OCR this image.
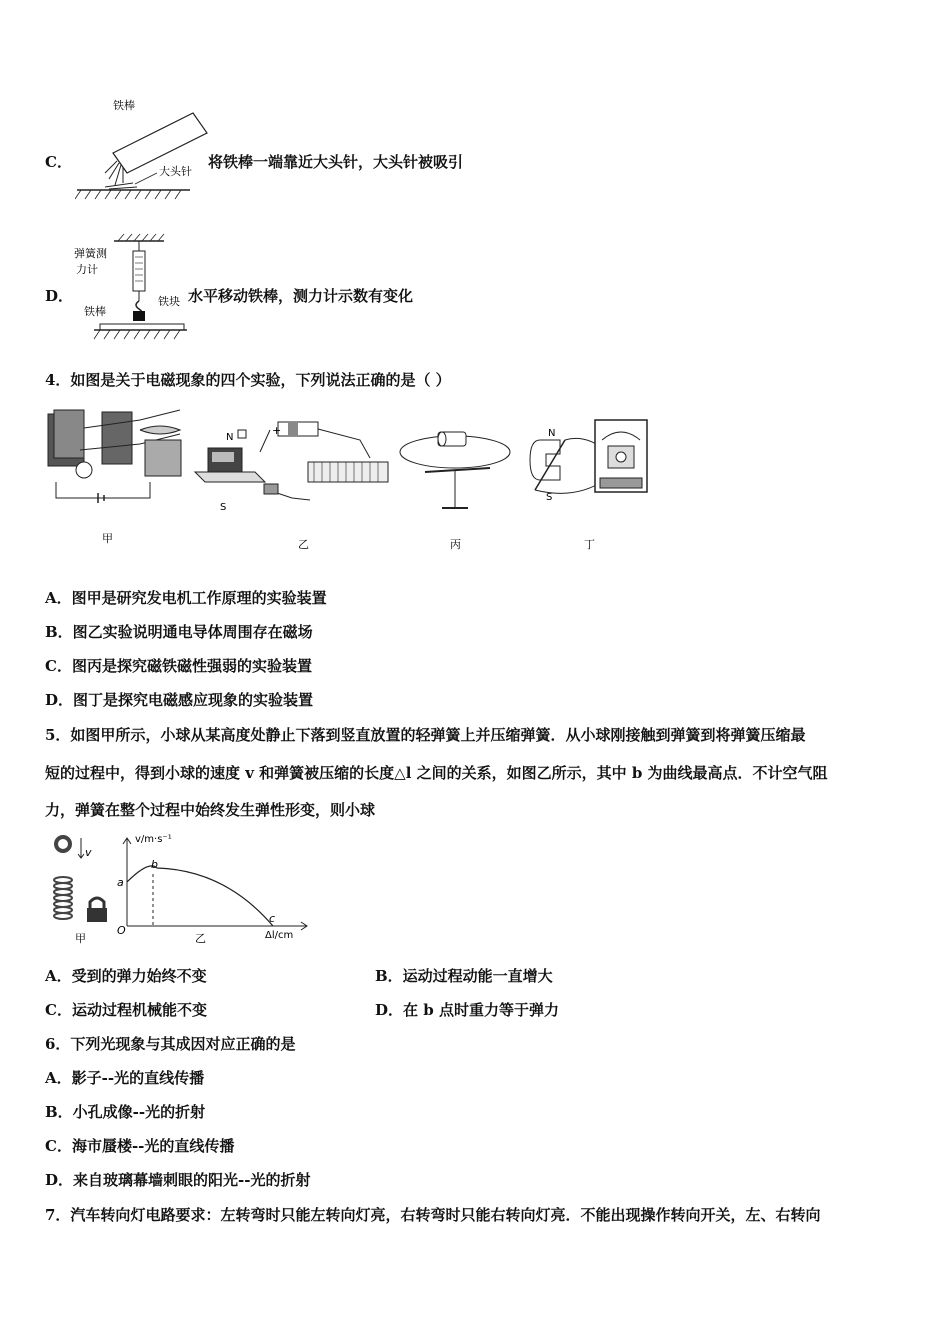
C．
铁棒
大头针
将铁棒一端靠近大头针，大头针被吸引
D．
弹簧测
力计
铁块
铁棒
水平移动铁棒，测力计示数有变化
4．如图是关于电磁现象的四个实验，下列说法正确的是（ ）
甲
N
+
S
乙	丙
N
S
丁
A．图甲是研究发电机工作原理的实验装置
B．图乙实验说明通电导体周围存在磁场
C．图丙是探究磁铁磁性强弱的实验装置
D．图丁是探究电磁感应现象的实验装置
5．如图甲所示，小球从某高度处静止下落到竖直放置的轻弹簧上并压缩弹簧．从小球刚接触到弹簧到将弹簧压缩最
短的过程中，得到小球的速度 v 和弹簧被压缩的长度△l 之间的关系，如图乙所示，其中 b 为曲线最高点．不计空气阻
力，弹簧在整个过程中始终发生弹性形变，则小球
v
甲
v/m·s⁻¹
a
b
c
O	Δl/cm
乙
A．受到的弹力始终不变	B．运动过程动能一直增大
C．运动过程机械能不变	D．在 b 点时重力等于弹力
6．下列光现象与其成因对应正确的是
A．影子--光的直线传播
B．小孔成像--光的折射
C．海市蜃楼--光的直线传播
D．来自玻璃幕墙刺眼的阳光--光的折射
7．汽车转向灯电路要求：左转弯时只能左转向灯亮，右转弯时只能右转向灯亮．不能出现操作转向开关，左、右转向
